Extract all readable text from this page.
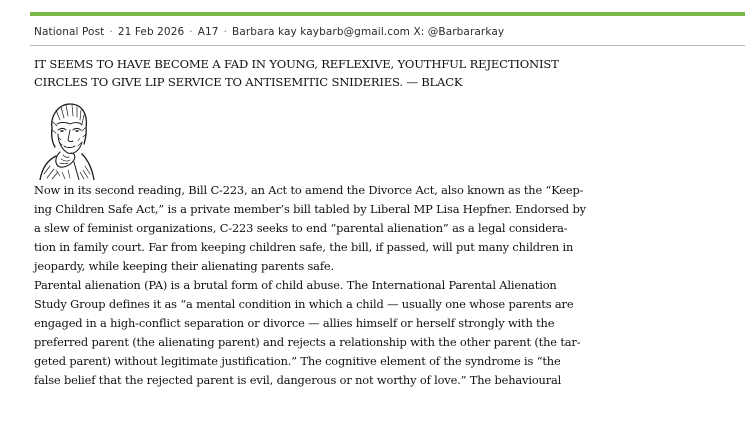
National Post · 21 Feb 2026 · A17 · Barbara kay kaybarb@gmail.com X: @Barbararkay
IT SEEMS TO HAVE BECOME A FAD IN YOUNG, REFLEXIVE, YOUTHFUL REJECTIONIST
CIRCLES TO GIVE LIP SERVICE TO ANTISEMITIC SNIDERIES. — BLACK
Now in its second reading, Bill C-223, an Act to amend the Divorce Act, also known as the “Keep-
ing Children Safe Act,” is a private member’s bill tabled by Liberal MP Lisa Hepfner. Endorsed by
a slew of feminist organizations, C-223 seeks to end “parental alienation” as a legal considera-
tion in family court. Far from keeping children safe, the bill, if passed, will put many children in
jeopardy, while keeping their alienating parents safe.
Parental alienation (PA) is a brutal form of child abuse. The International Parental Alienation
Study Group defines it as “a mental condition in which a child — usually one whose parents are
engaged in a high-conflict separation or divorce — allies himself or herself strongly with the
preferred parent (the alienating parent) and rejects a relationship with the other parent (the tar-
geted parent) without legitimate justification.” The cognitive element of the syndrome is “the
false belief that the rejected parent is evil, dangerous or not worthy of love.” The behavioural
